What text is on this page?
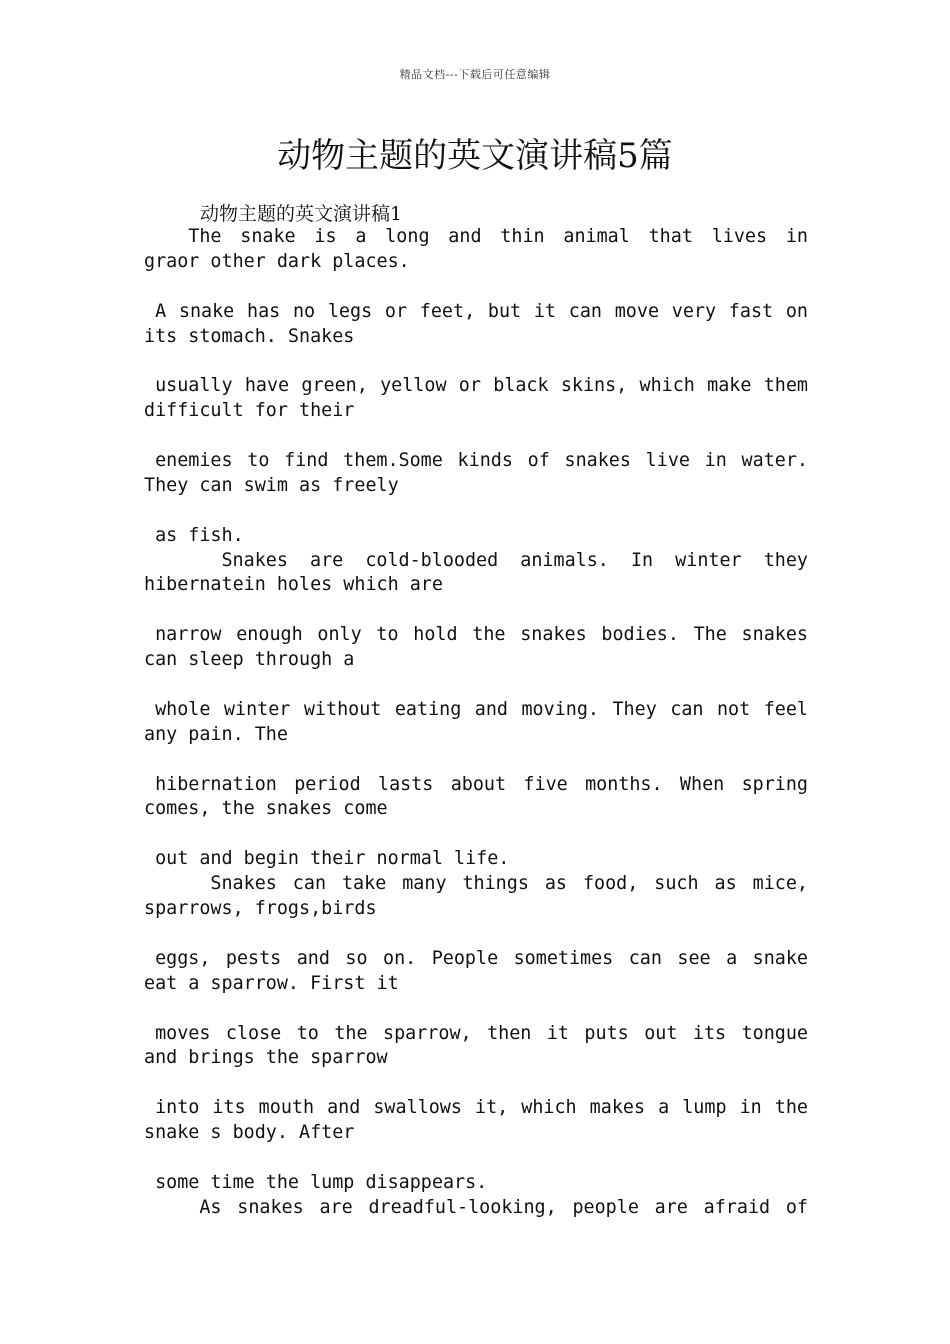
精品文档---下载后可任意编辑
动物主题的英文演讲稿5篇
动物主题的英文演讲稿1
The snake is a long and thin animal that lives in
graor other dark places.

A snake has no legs or feet, but it can move very fast on
its stomach. Snakes

usually have green, yellow or black skins, which make them
difficult for their

enemies to find them.Some kinds of snakes live in water.
They can swim as freely

as fish.
Snakes are cold-blooded animals. In winter they
hibernatein holes which are

narrow enough only to hold the snakes bodies. The snakes
can sleep through a

whole winter without eating and moving. They can not feel
any pain. The

hibernation period lasts about five months. When spring
comes, the snakes come

out and begin their normal life.
Snakes can take many things as food, such as mice,
sparrows, frogs,birds

eggs, pests and so on. People sometimes can see a snake
eat a sparrow. First it

moves close to the sparrow, then it puts out its tongue
and brings the sparrow

into its mouth and swallows it, which makes a lump in the
snake s body. After

some time the lump disappears.
As snakes are dreadful-looking, people are afraid of
